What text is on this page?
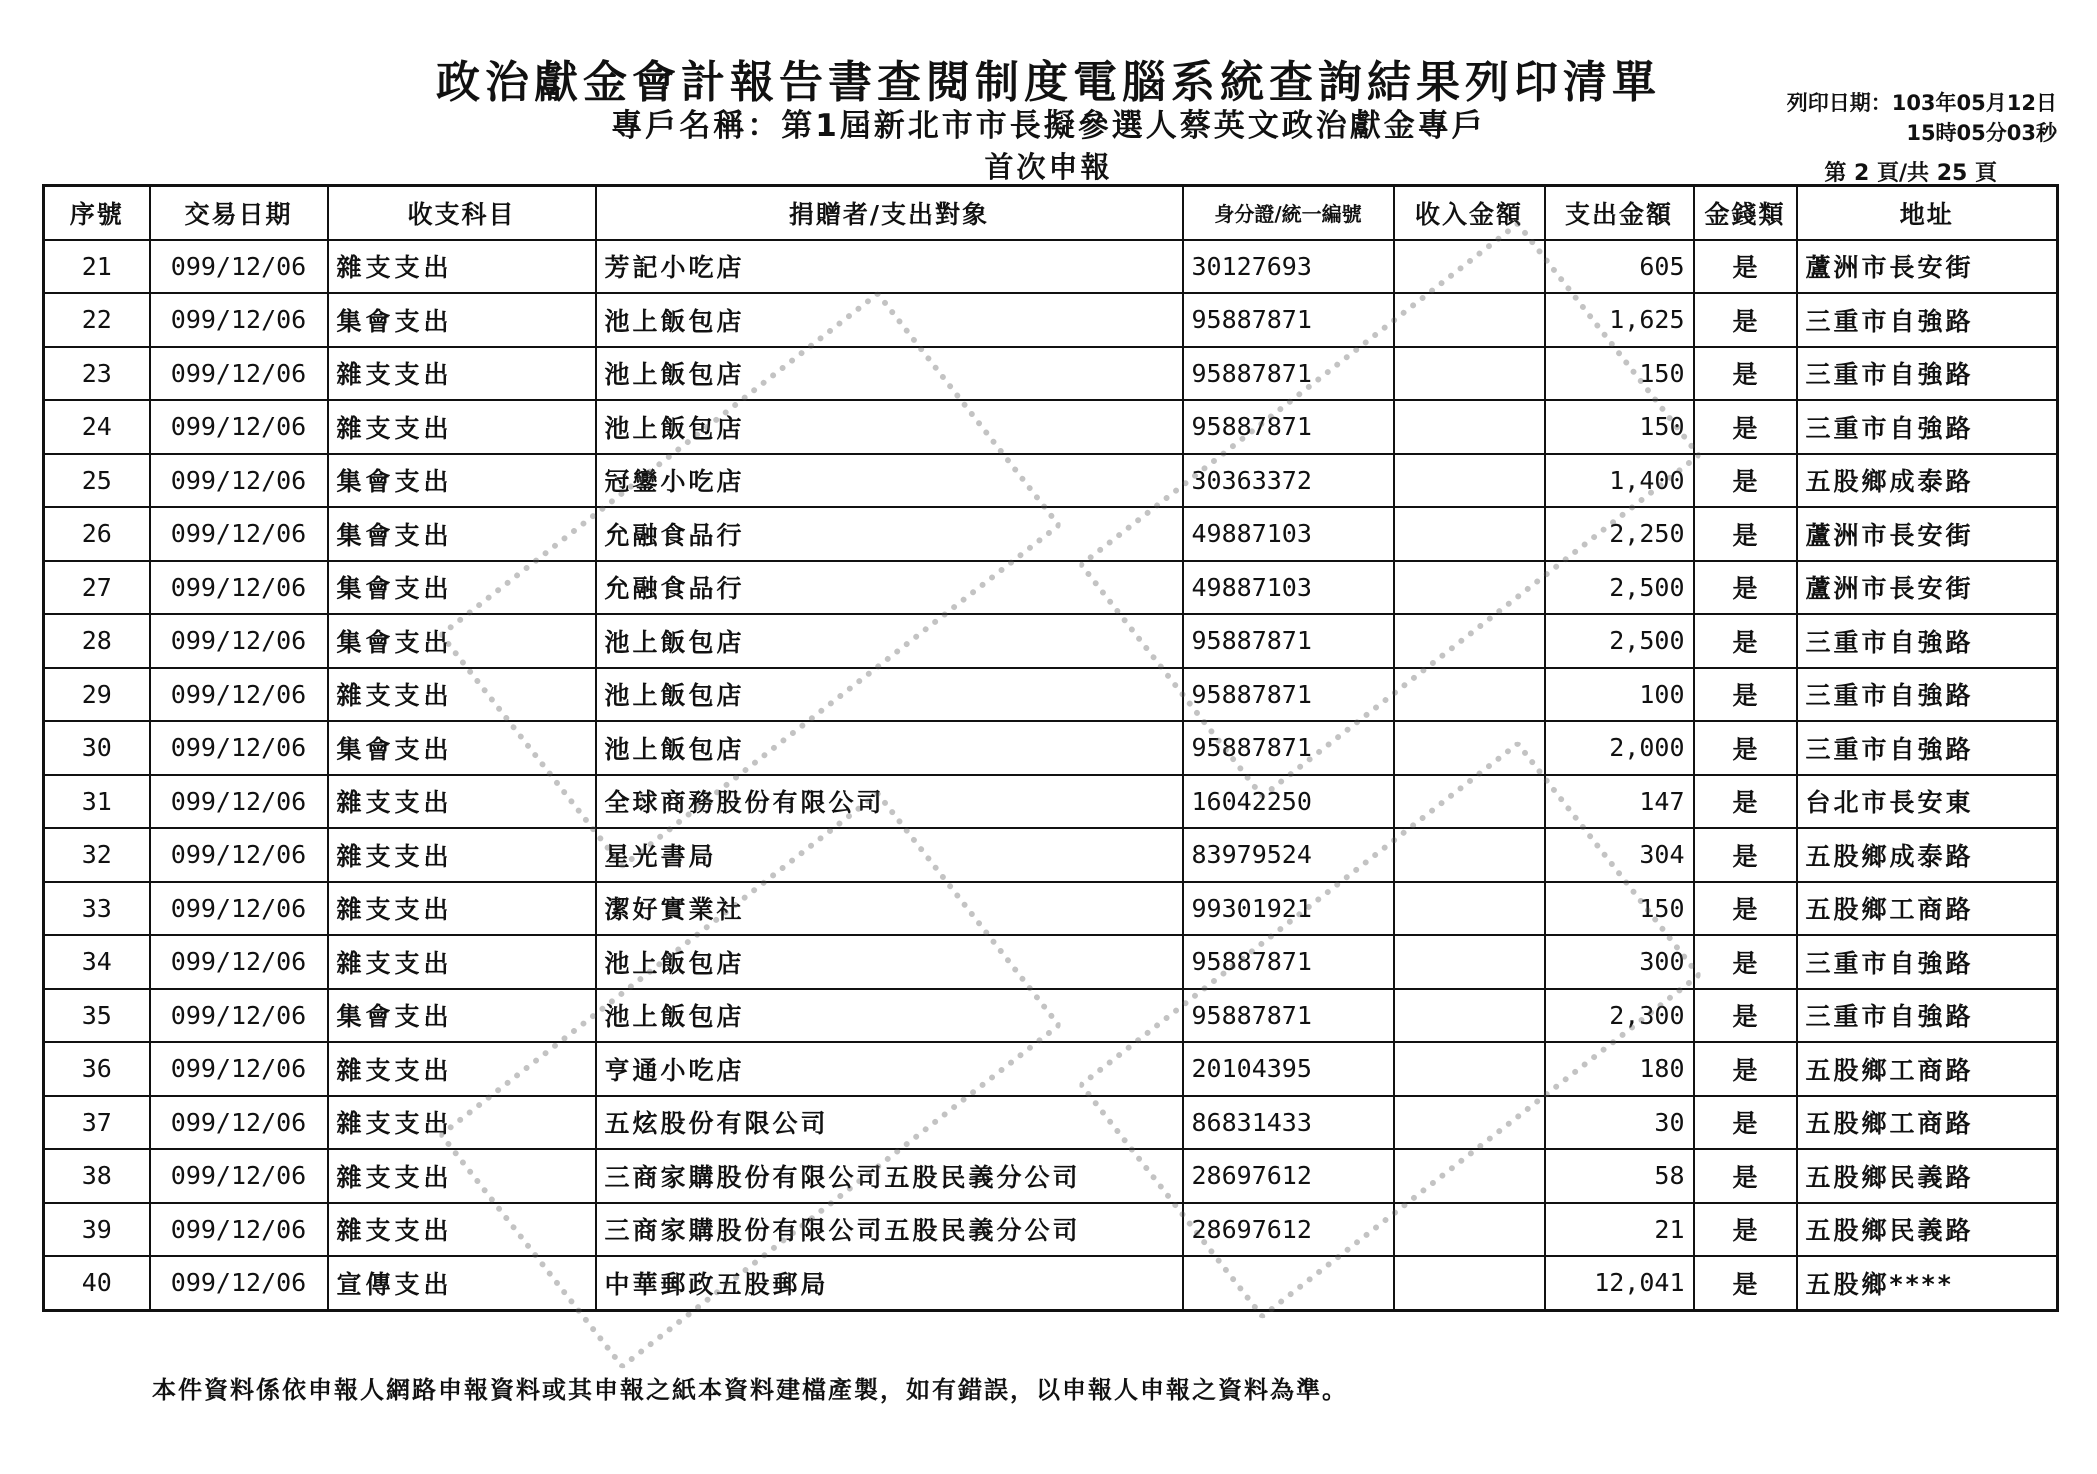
政治獻金會計報告書查閱制度電腦系統查詢結果列印清單
專戶名稱：第1屆新北市市長擬參選人蔡英文政治獻金專戶
首次申報
列印日期：103年05月12日
15時05分03秒
第 2 頁/共 25 頁
序號	交易日期	收支科目	捐贈者/支出對象	身分證/統一編號	收入金額	支出金額	金錢類	地址
21	099/12/06	雜支支出	芳記小吃店	30127693		605	是	蘆洲市長安街
22	099/12/06	集會支出	池上飯包店	95887871		1,625	是	三重市自強路
23	099/12/06	雜支支出	池上飯包店	95887871		150	是	三重市自強路
24	099/12/06	雜支支出	池上飯包店	95887871		150	是	三重市自強路
25	099/12/06	集會支出	冠鑾小吃店	30363372		1,400	是	五股鄉成泰路
26	099/12/06	集會支出	允融食品行	49887103		2,250	是	蘆洲市長安街
27	099/12/06	集會支出	允融食品行	49887103		2,500	是	蘆洲市長安街
28	099/12/06	集會支出	池上飯包店	95887871		2,500	是	三重市自強路
29	099/12/06	雜支支出	池上飯包店	95887871		100	是	三重市自強路
30	099/12/06	集會支出	池上飯包店	95887871		2,000	是	三重市自強路
31	099/12/06	雜支支出	全球商務股份有限公司	16042250		147	是	台北市長安東
32	099/12/06	雜支支出	星光書局	83979524		304	是	五股鄉成泰路
33	099/12/06	雜支支出	潔好實業社	99301921		150	是	五股鄉工商路
34	099/12/06	雜支支出	池上飯包店	95887871		300	是	三重市自強路
35	099/12/06	集會支出	池上飯包店	95887871		2,300	是	三重市自強路
36	099/12/06	雜支支出	亨通小吃店	20104395		180	是	五股鄉工商路
37	099/12/06	雜支支出	五炫股份有限公司	86831433		30	是	五股鄉工商路
38	099/12/06	雜支支出	三商家購股份有限公司五股民義分公司	28697612		58	是	五股鄉民義路
39	099/12/06	雜支支出	三商家購股份有限公司五股民義分公司	28697612		21	是	五股鄉民義路
40	099/12/06	宣傳支出	中華郵政五股郵局			12,041	是	五股鄉****
本件資料係依申報人網路申報資料或其申報之紙本資料建檔產製，如有錯誤，以申報人申報之資料為準。
